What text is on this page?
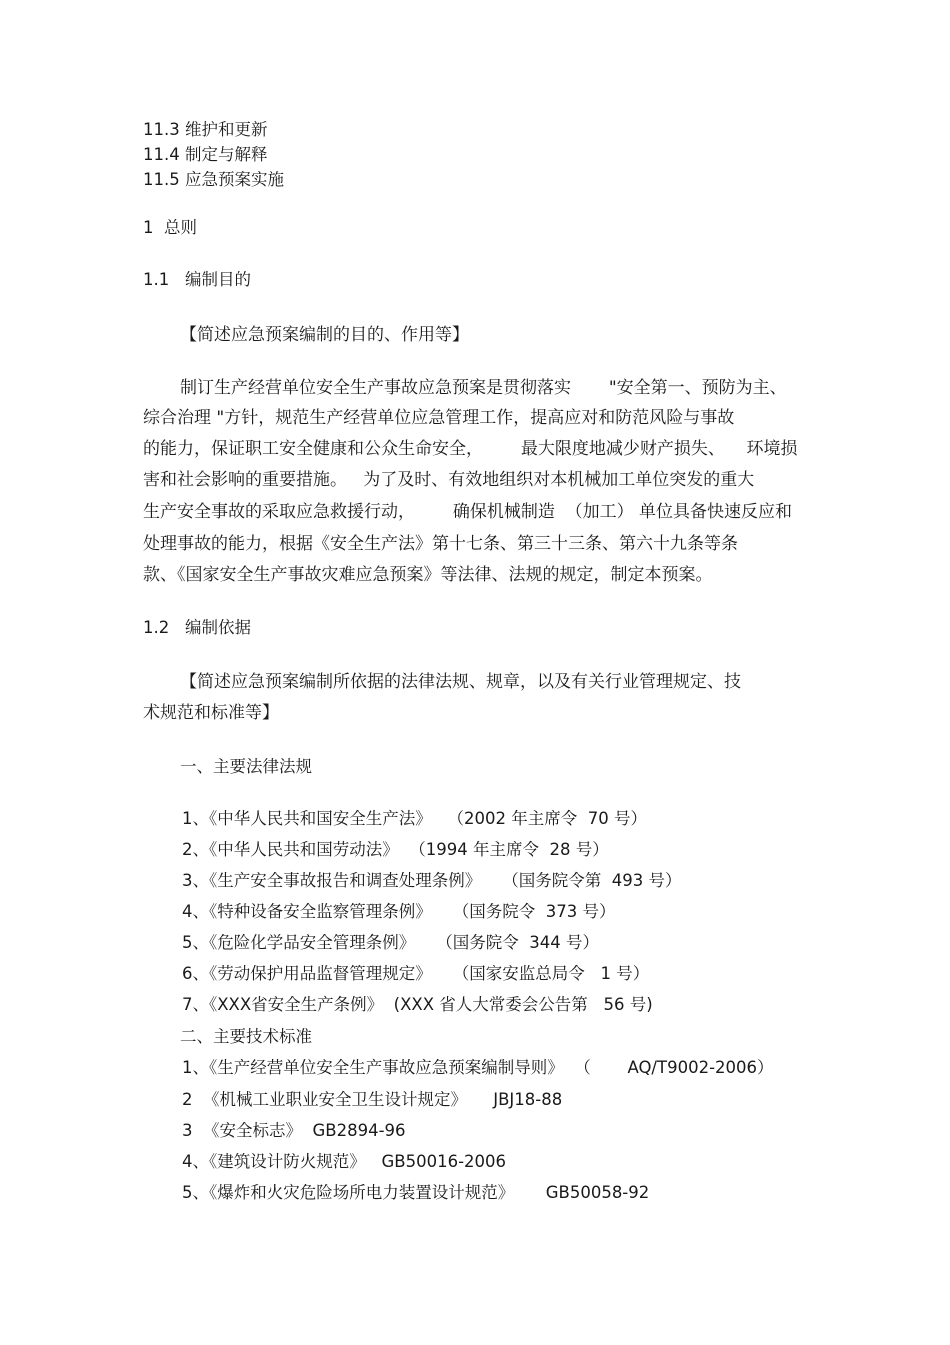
11.3 维护和更新
11.4 制定与解释
11.5 应急预案实施
1  总则
1.1   编制目的
【简述应急预案编制的目的、作用等】
制订生产经营单位安全生产事故应急预案是贯彻落实       "安全第一、预防为主、
综合治理 "方针，规范生产经营单位应急管理工作，提高应对和防范风险与事故
的能力，保证职工安全健康和公众生命安全，       最大限度地减少财产损失、    环境损
害和社会影响的重要措施。   为了及时、有效地组织对本机械加工单位突发的重大
生产安全事故的采取应急救援行动，       确保机械制造  （加工） 单位具备快速反应和
处理事故的能力，根据《安全生产法》第十七条、第三十三条、第六十九条等条
款、《国家安全生产事故灾难应急预案》等法律、法规的规定，制定本预案。
1.2   编制依据
【简述应急预案编制所依据的法律法规、规章，以及有关行业管理规定、技
术规范和标准等】
一、主要法律法规
1、《中华人民共和国安全生产法》   （2002 年主席令  70 号）
2、《中华人民共和国劳动法》  （1994 年主席令  28 号）
3、《生产安全事故报告和调查处理条例》    （国务院令第  493 号）
4、《特种设备安全监察管理条例》    （国务院令  373 号）
5、《危险化学品安全管理条例》    （国务院令  344 号）
6、《劳动保护用品监督管理规定》    （国家安监总局令   1 号）
7、《XXX省安全生产条例》  (XXX 省人大常委会公告第   56 号)
二、主要技术标准
1、《生产经营单位安全生产事故应急预案编制导则》  （       AQ/T9002-2006）
2  《机械工业职业安全卫生设计规定》     JBJ18-88
3  《安全标志》  GB2894-96
4、《建筑设计防火规范》   GB50016-2006
5、《爆炸和火灾危险场所电力装置设计规范》      GB50058-92
